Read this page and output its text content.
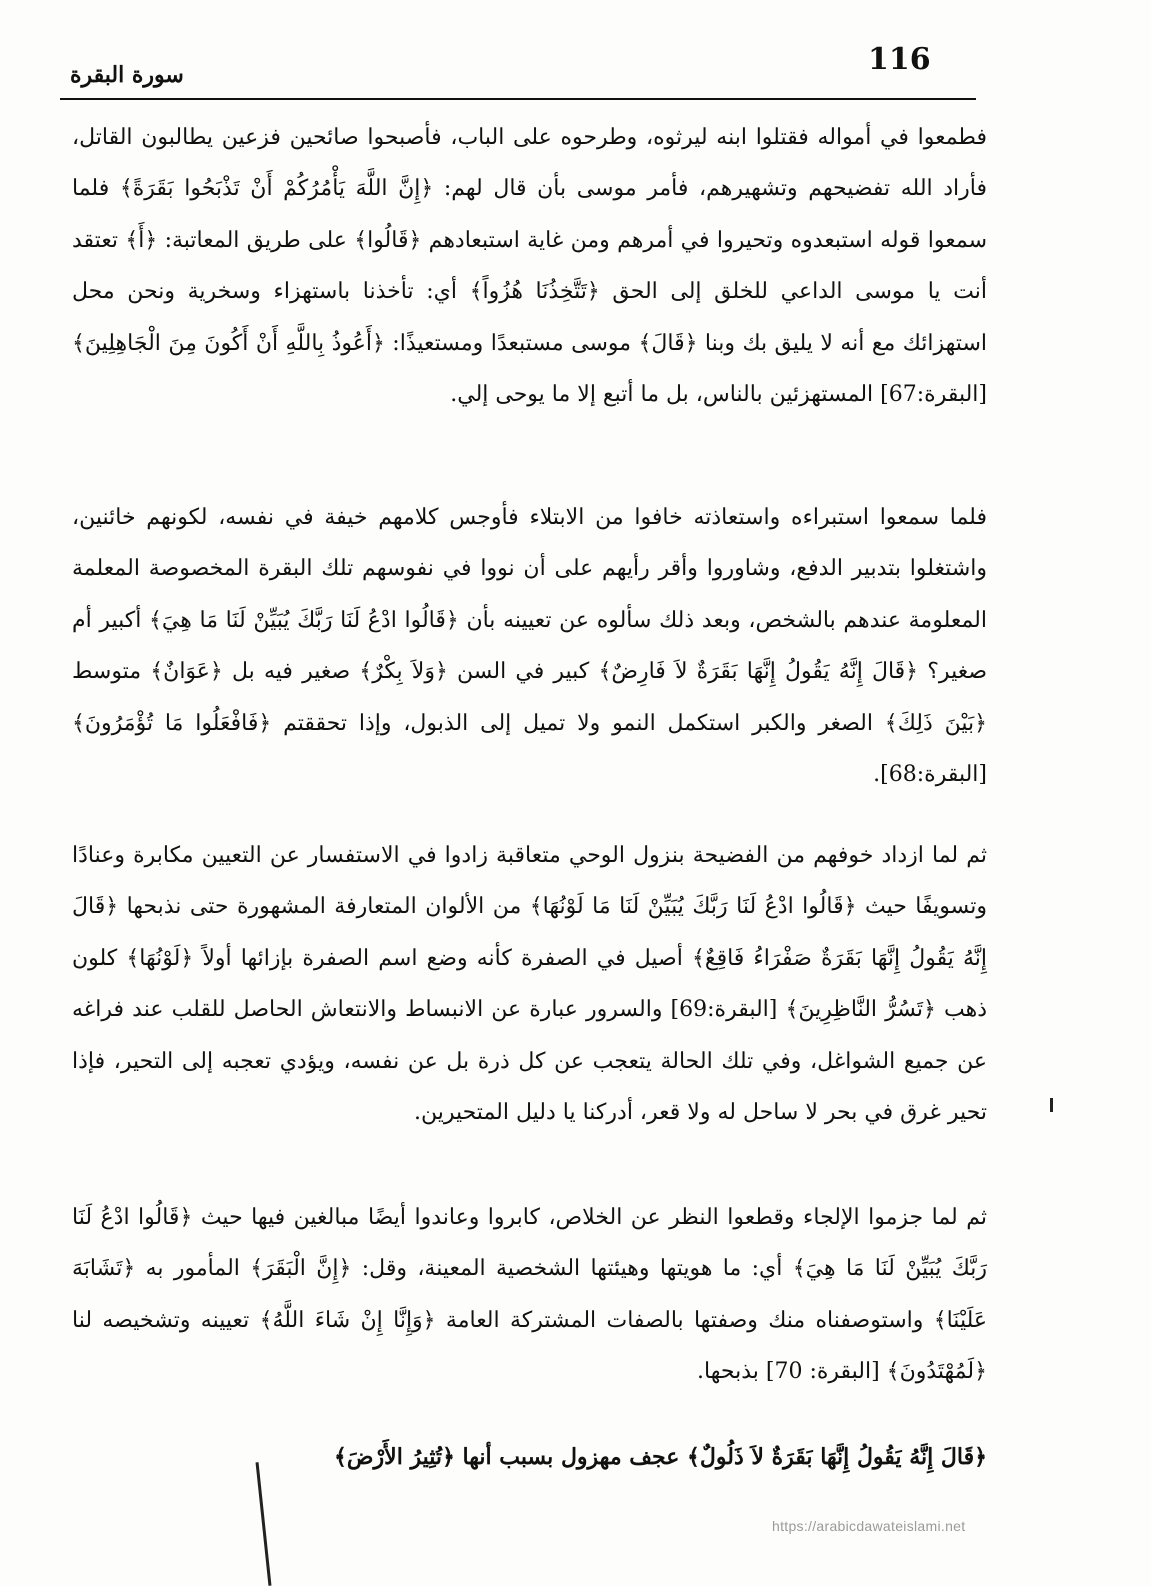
116
سورة البقرة

فطمعوا في أمواله فقتلوا ابنه ليرثوه، وطرحوه على الباب، فأصبحوا صائحين فزعين يطالبون القاتل، فأراد الله تفضيحهم وتشهيرهم، فأمر موسى بأن قال لهم: ﴿إِنَّ اللَّهَ يَأْمُرُكُمْ أَنْ تَذْبَحُوا بَقَرَةً﴾ فلما سمعوا قوله استبعدوه وتحيروا في أمرهم ومن غاية استبعادهم ﴿قَالُوا﴾ على طريق المعاتبة: ﴿أَ﴾ تعتقد أنت يا موسى الداعي للخلق إلى الحق ﴿تَتَّخِذُنَا هُزُواً﴾ أي: تأخذنا باستهزاء وسخرية ونحن محل استهزائك مع أنه لا يليق بك وبنا ﴿قَالَ﴾ موسى مستبعدًا ومستعيذًا: ﴿أَعُوذُ بِاللَّهِ أَنْ أَكُونَ مِنَ الْجَاهِلِينَ﴾ [البقرة:67] المستهزئين بالناس، بل ما أتبع إلا ما يوحى إلي.

فلما سمعوا استبراءه واستعاذته خافوا من الابتلاء فأوجس كلامهم خيفة في نفسه، لكونهم خائنين، واشتغلوا بتدبير الدفع، وشاوروا وأقر رأيهم على أن نووا في نفوسهم تلك البقرة المخصوصة المعلمة المعلومة عندهم بالشخص، وبعد ذلك سألوه عن تعيينه بأن ﴿قَالُوا ادْعُ لَنَا رَبَّكَ يُبَيِّنْ لَنَا مَا هِيَ﴾ أكبير أم صغير؟ ﴿قَالَ إِنَّهُ يَقُولُ إِنَّهَا بَقَرَةٌ لاَ فَارِضٌ﴾ كبير في السن ﴿وَلاَ بِكْرٌ﴾ صغير فيه بل ﴿عَوَانٌ﴾ متوسط ﴿بَيْنَ ذَلِكَ﴾ الصغر والكبر استكمل النمو ولا تميل إلى الذبول، وإذا تحققتم ﴿فَافْعَلُوا مَا تُؤْمَرُونَ﴾ [البقرة:68].

ثم لما ازداد خوفهم من الفضيحة بنزول الوحي متعاقبة زادوا في الاستفسار عن التعيين مكابرة وعنادًا وتسويفًا حيث ﴿قَالُوا ادْعُ لَنَا رَبَّكَ يُبَيِّنْ لَنَا مَا لَوْنُهَا﴾ من الألوان المتعارفة المشهورة حتى نذبحها ﴿قَالَ إِنَّهُ يَقُولُ إِنَّهَا بَقَرَةٌ صَفْرَاءُ فَاقِعٌ﴾ أصيل في الصفرة كأنه وضع اسم الصفرة بإزائها أولاً ﴿لَوْنُهَا﴾ كلون ذهب ﴿تَسُرُّ النَّاظِرِينَ﴾ [البقرة:69] والسرور عبارة عن الانبساط والانتعاش الحاصل للقلب عند فراغه عن جميع الشواغل، وفي تلك الحالة يتعجب عن كل ذرة بل عن نفسه، ويؤدي تعجبه إلى التحير، فإذا تحير غرق في بحر لا ساحل له ولا قعر، أدركنا يا دليل المتحيرين.

ثم لما جزموا الإلجاء وقطعوا النظر عن الخلاص، كابروا وعاندوا أيضًا مبالغين فيها حيث ﴿قَالُوا ادْعُ لَنَا رَبَّكَ يُبَيِّنْ لَنَا مَا هِيَ﴾ أي: ما هويتها وهيئتها الشخصية المعينة، وقل: ﴿إِنَّ الْبَقَرَ﴾ المأمور به ﴿تَشَابَهَ عَلَيْنَا﴾ واستوصفناه منك وصفتها بالصفات المشتركة العامة ﴿وَإِنَّا إِنْ شَاءَ اللَّهُ﴾ تعيينه وتشخيصه لنا ﴿لَمُهْتَدُونَ﴾ [البقرة: 70] بذبحها.

﴿قَالَ إِنَّهُ يَقُولُ إِنَّهَا بَقَرَةٌ لاَ ذَلُولٌ﴾ عجف مهزول بسبب أنها ﴿تُثِيرُ الأَرْضَ﴾

https://arabicdawateislami.net
